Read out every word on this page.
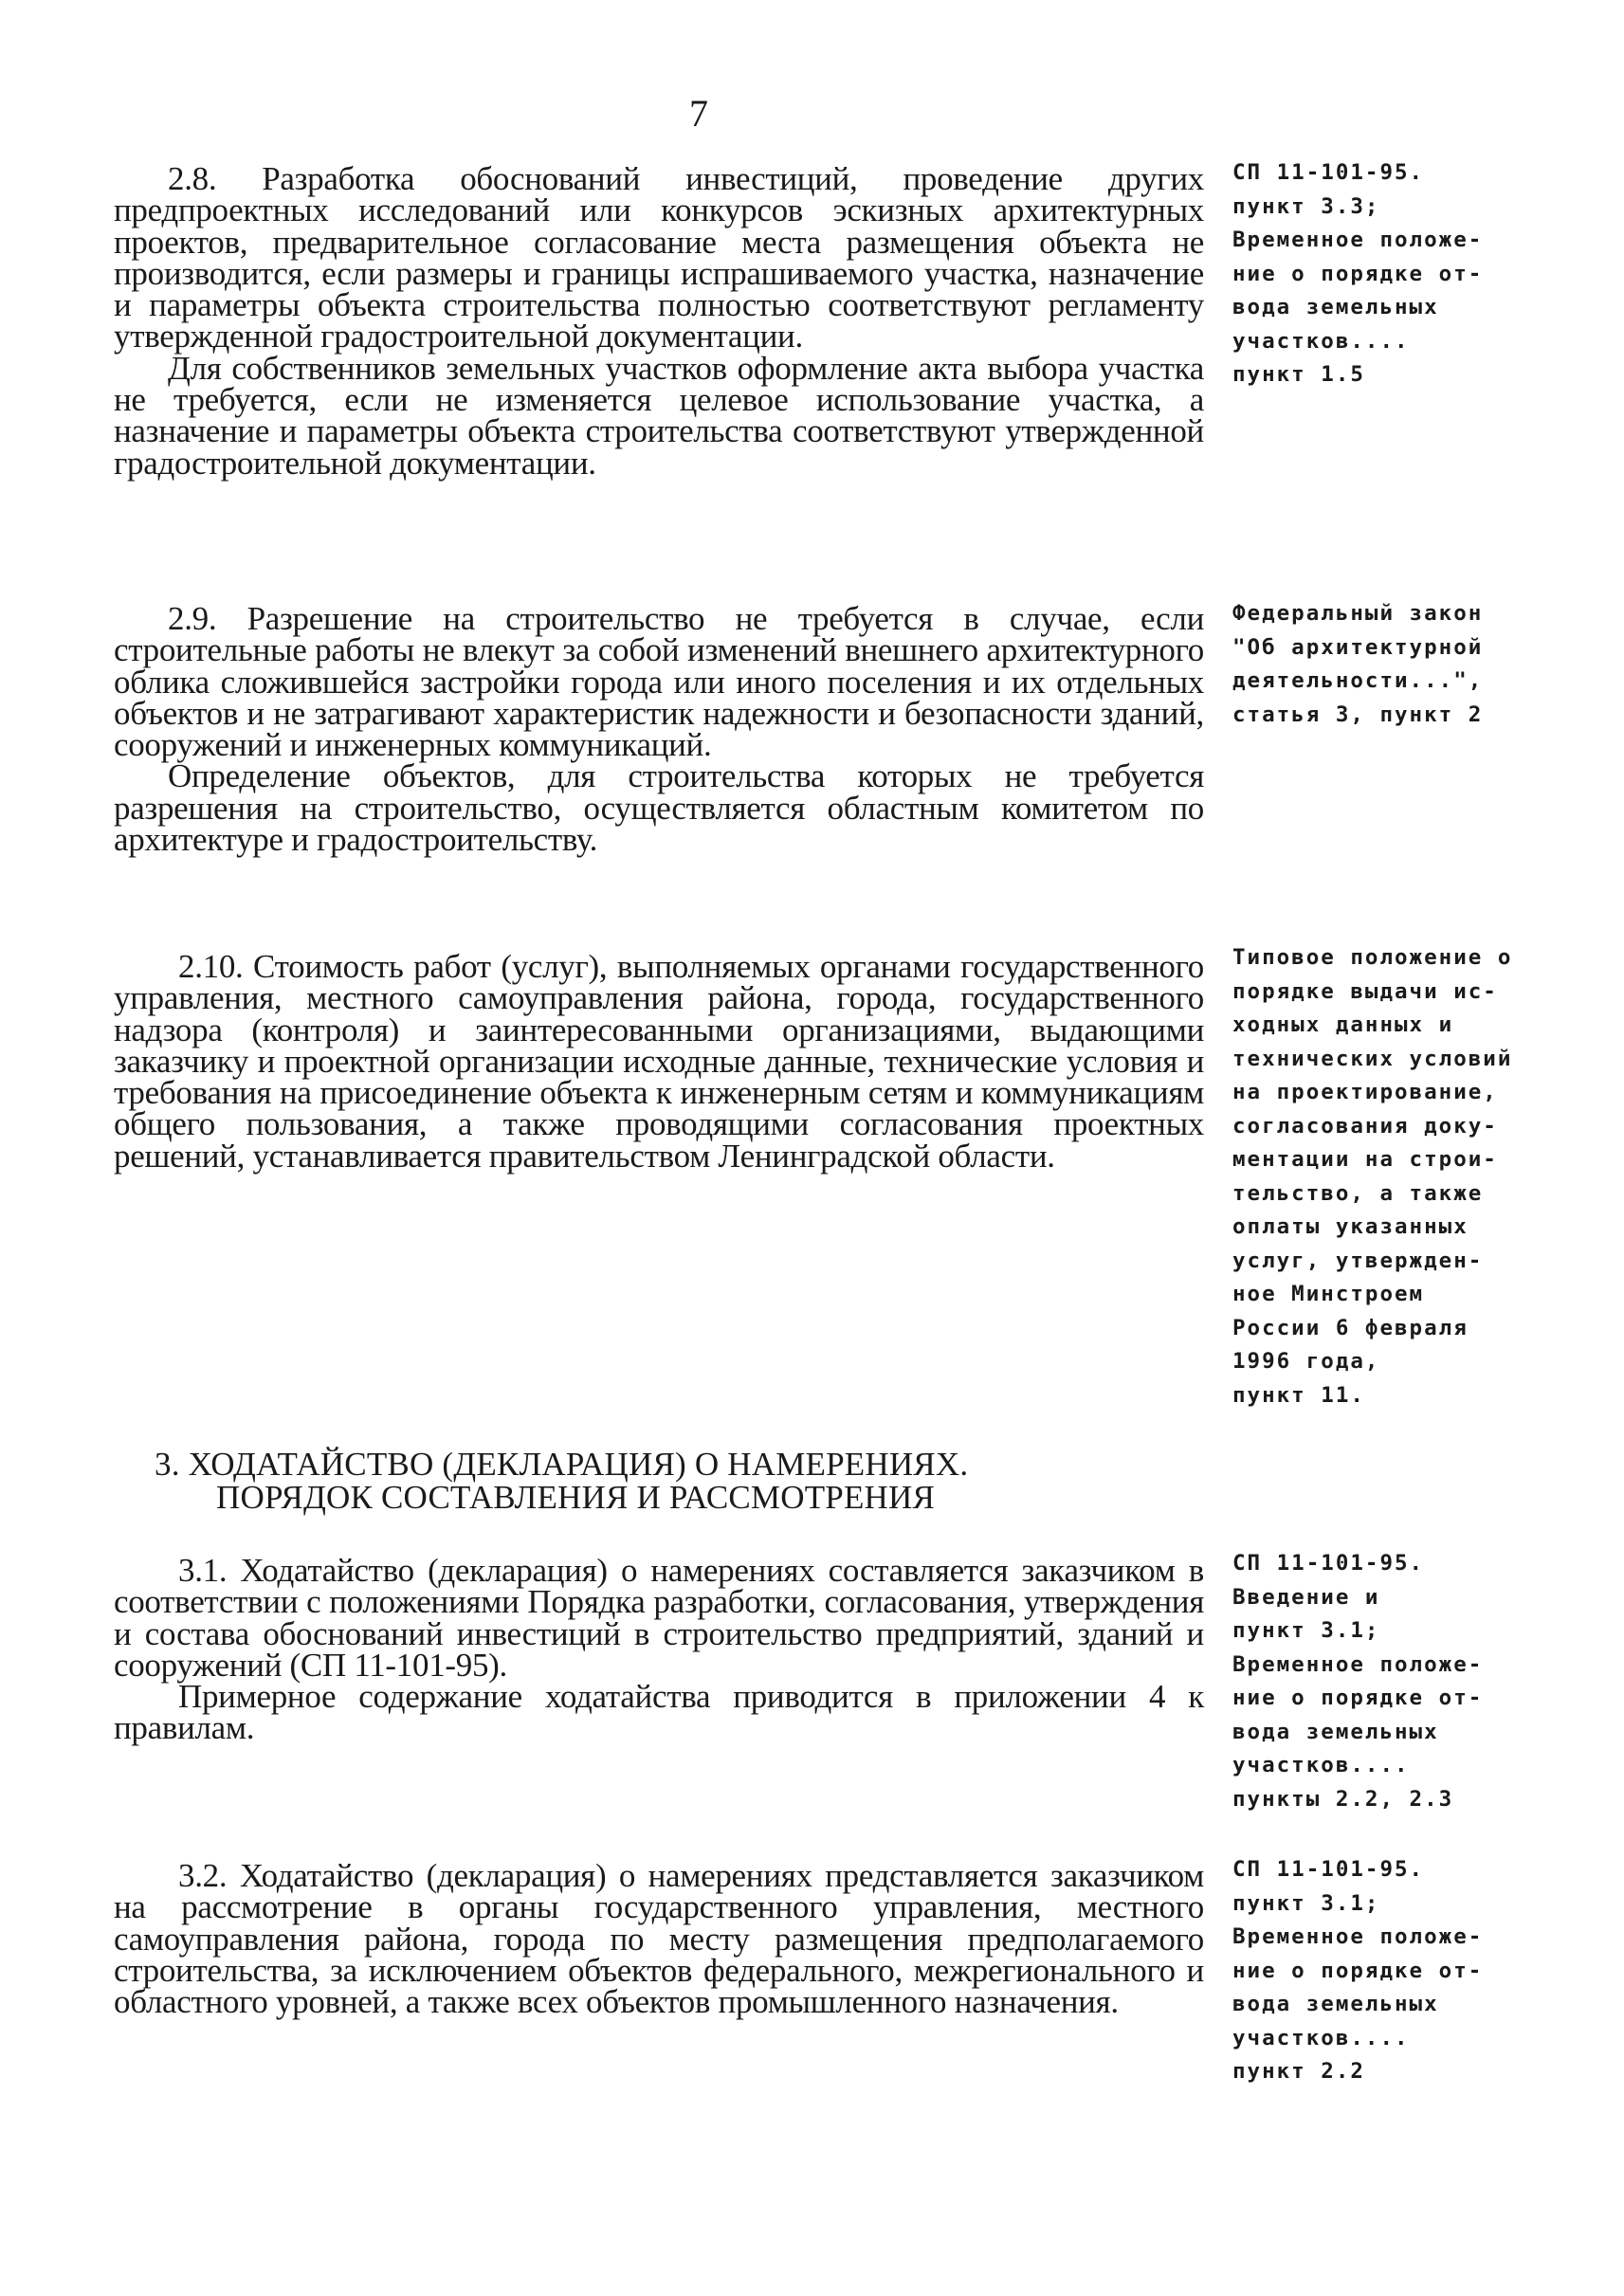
7

2.8. Разработка обоснований инвестиций, проведение других предпроектных исследований или конкурсов эскизных архитектурных проектов, предварительное согласование места размещения объекта не производится, если размеры и границы испрашиваемого участка, назначение и параметры объекта строительства полностью соответствуют регламенту утвержденной градостроительной документации.

Для собственников земельных участков оформление акта выбора участка не требуется, если не изменяется целевое использование участка, а назначение и параметры объекта строительства соответствуют утвержденной градостроительной документации.

СП 11-101-95.
пункт 3.3;
Временное положе-
ние о порядке от-
вода земельных
участков....
пункт 1.5

2.9. Разрешение на строительство не требуется в случае, если строительные работы не влекут за собой изменений внешнего архитектурного облика сложившейся застройки города или иного поселения и их отдельных объектов и не затрагивают характеристик надежности и безопасности зданий, сооружений и инженерных коммуникаций.

Определение объектов, для строительства которых не требуется разрешения на строительство, осуществляется областным комитетом по архитектуре и градостроительству.

Федеральный закон
"Об архитектурной
деятельности...",
статья 3, пункт 2

2.10. Стоимость работ (услуг), выполняемых органами государственного управления, местного самоуправления района, города, государственного надзора (контроля) и заинтересованными организациями, выдающими заказчику и проектной организации исходные данные, технические условия и требования на присоединение объекта к инженерным сетям и коммуникациям общего пользования, а также проводящими согласования проектных решений, устанавливается правительством Ленинградской области.

Типовое положение о
порядке выдачи ис-
ходных данных и
технических условий
на проектирование,
согласования доку-
ментации на строи-
тельство, а также
оплаты указанных
услуг, утвержден-
ное Минстроем
России 6 февраля
1996 года,
пункт 11.
3. ХОДАТАЙСТВО (ДЕКЛАРАЦИЯ) О НАМЕРЕНИЯХ.
ПОРЯДОК СОСТАВЛЕНИЯ И РАССМОТРЕНИЯ

3.1. Ходатайство (декларация) о намерениях составляется заказчиком в соответствии с положениями Порядка разработки, согласования, утверждения и состава обоснований инвестиций в строительство предприятий, зданий и сооружений (СП 11-101-95).

Примерное содержание ходатайства приводится в приложении 4 к правилам.

СП 11-101-95.
Введение и
пункт 3.1;
Временное положе-
ние о порядке от-
вода земельных
участков....
пункты 2.2, 2.3

3.2. Ходатайство (декларация) о намерениях представляется заказчиком на рассмотрение в органы государственного управления, местного самоуправления района, города по месту размещения предполагаемого строительства, за исключением объектов федерального, межрегионального и областного уровней, а также всех объектов промышленного назначения.

СП 11-101-95.
пункт 3.1;
Временное положе-
ние о порядке от-
вода земельных
участков....
пункт 2.2
